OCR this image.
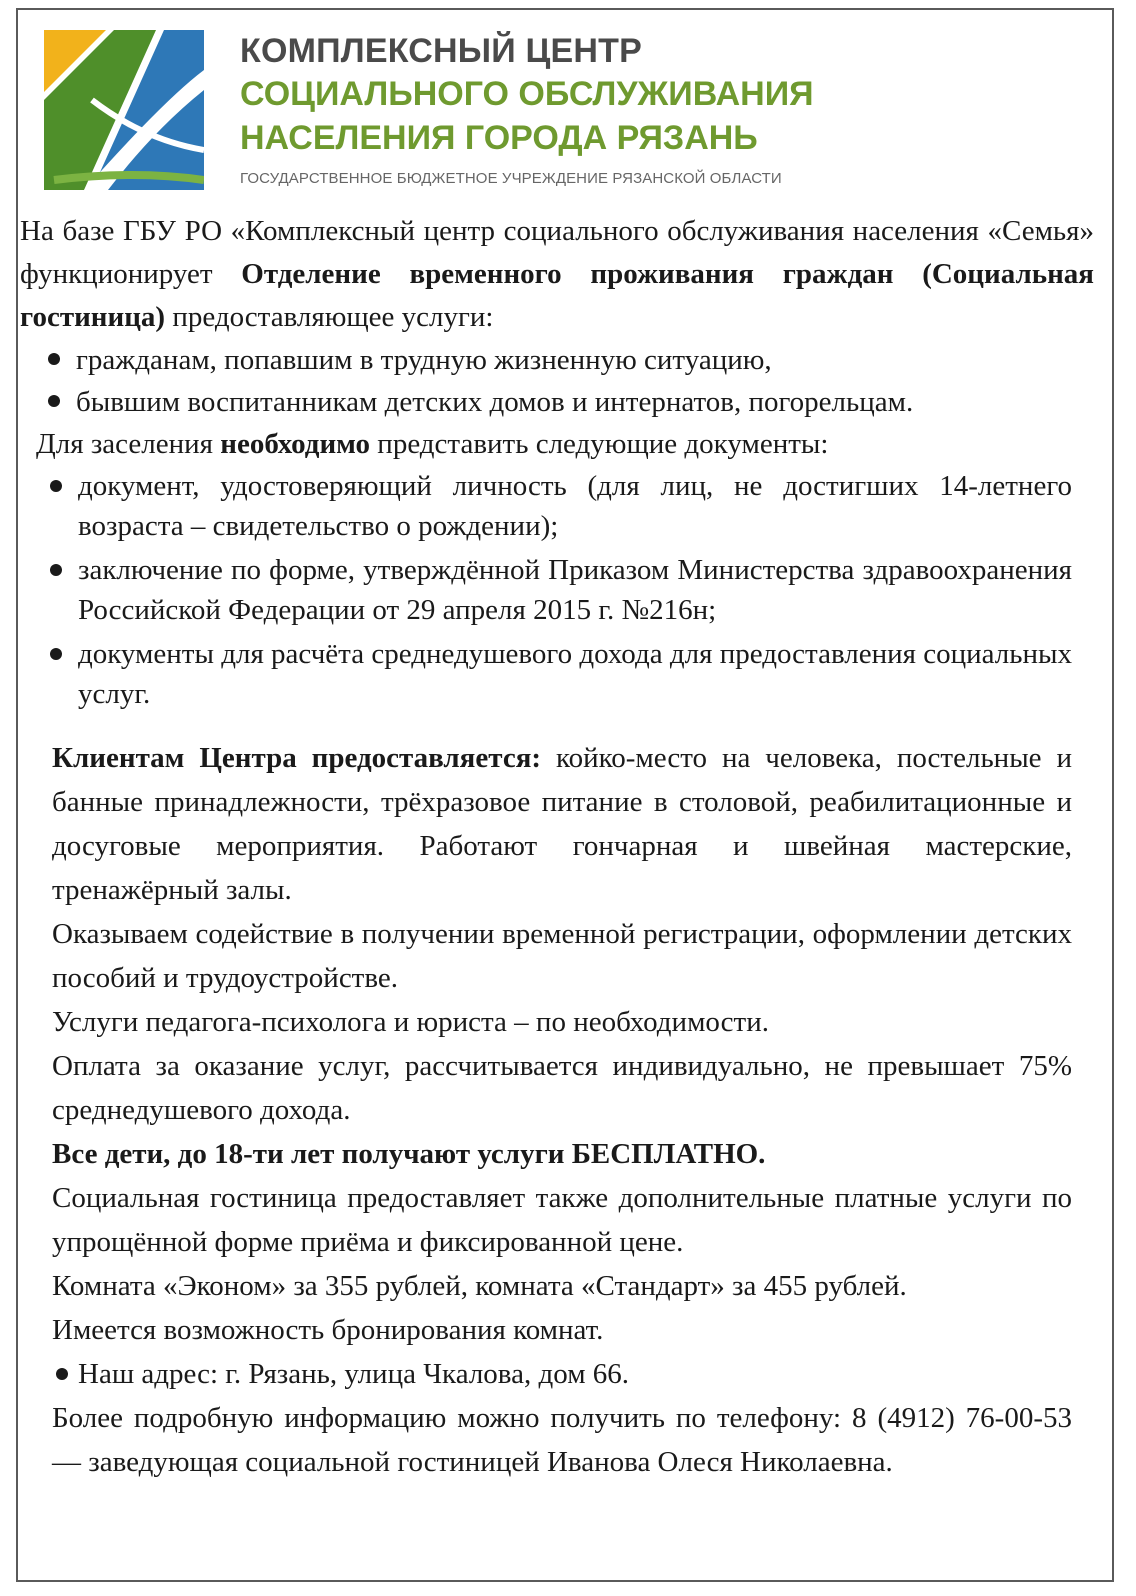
КОМПЛЕКСНЫЙ ЦЕНТР
СОЦИАЛЬНОГО ОБСЛУЖИВАНИЯ
НАСЕЛЕНИЯ ГОРОДА РЯЗАНЬ
ГОСУДАРСТВЕННОЕ БЮДЖЕТНОЕ УЧРЕЖДЕНИЕ РЯЗАНСКОЙ ОБЛАСТИ

На базе ГБУ РО «Комплексный центр социального обслуживания населения «Семья» функционирует Отделение временного проживания граждан (Социальная гостиница) предоставляющее услуги:

гражданам, попавшим в трудную жизненную ситуацию,
бывшим воспитанникам детских домов и интернатов, погорельцам.

Для заселения необходимо представить следующие документы:

документ, удостоверяющий личность (для лиц, не достигших 14-летнего возраста – свидетельство о рождении);
заключение по форме, утверждённой Приказом Министерства здравоохранения Российской Федерации от 29 апреля 2015 г. №216н;
документы для расчёта среднедушевого дохода для предоставления социальных услуг.

Клиентам Центра предоставляется: койко-место на человека, постельные и банные принадлежности, трёхразовое питание в столовой, реабилитационные и досуговые мероприятия. Работают гончарная и швейная мастерские, тренажёрный залы.

Оказываем содействие в получении временной регистрации, оформлении детских пособий и трудоустройстве.

Услуги педагога-психолога и юриста – по необходимости.

Оплата за оказание услуг, рассчитывается индивидуально, не превышает 75% среднедушевого дохода.

Все дети, до 18-ти лет получают услуги БЕСПЛАТНО.

Социальная гостиница предоставляет также дополнительные платные услуги по упрощённой форме приёма и фиксированной цене.

Комната «Эконом» за 355 рублей, комната «Стандарт» за 455 рублей.

Имеется возможность бронирования комнат.

Наш адрес: г. Рязань, улица Чкалова, дом 66.

Более подробную информацию можно получить по телефону: 8 (4912) 76-00-53 — заведующая социальной гостиницей Иванова Олеся Николаевна.
